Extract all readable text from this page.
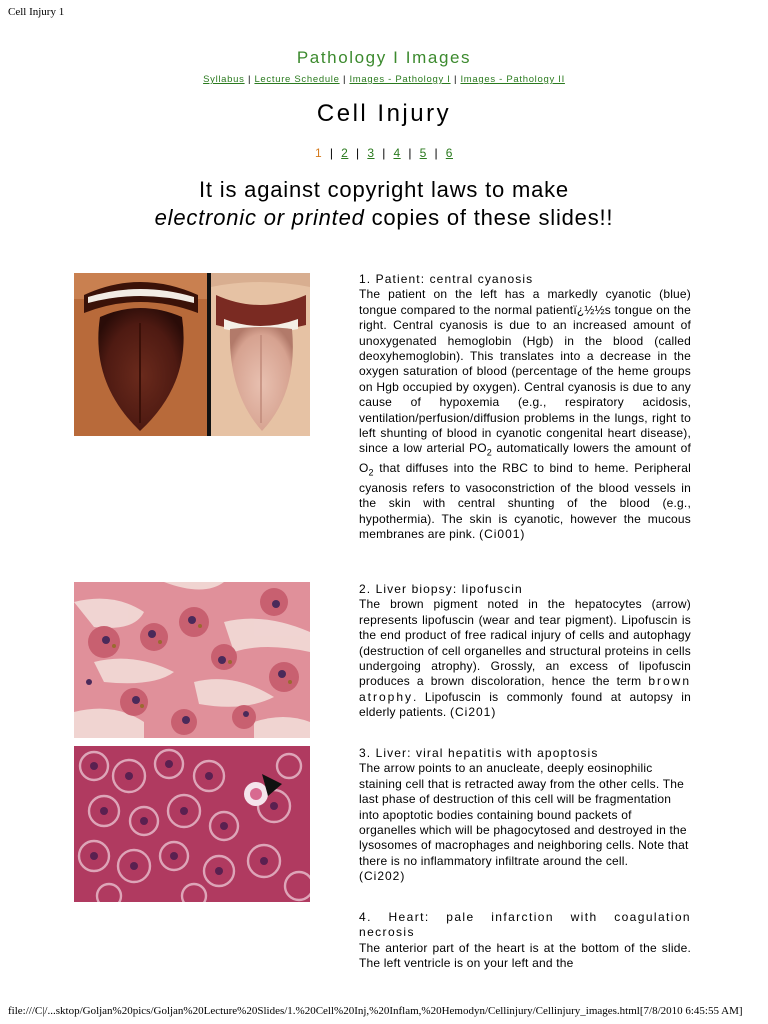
Cell Injury 1
Pathology I Images
Syllabus | Lecture Schedule | Images - Pathology I | Images - Pathology II
Cell Injury
1 | 2 | 3 | 4 | 5 | 6
It is against copyright laws to make
electronic or printed copies of these slides!!
1. Patient: central cyanosis
The patient on the left has a markedly cyanotic (blue) tongue compared to the normal patientï¿½½s tongue on the right. Central cyanosis is due to an increased amount of unoxygenated hemoglobin (Hgb) in the blood (called deoxyhemoglobin). This translates into a decrease in the oxygen saturation of blood (percentage of the heme groups on Hgb occupied by oxygen). Central cyanosis is due to any cause of hypoxemia (e.g., respiratory acidosis, ventilation/perfusion/diffusion problems in the lungs, right to left shunting of blood in cyanotic congenital heart disease), since a low arterial $PO_2$ automatically lowers the amount of $O_2$ that diffuses into the RBC to bind to heme. Peripheral cyanosis refers to vasoconstriction of the blood vessels in the skin with central shunting of the blood (e.g., hypothermia). The skin is cyanotic, however the mucous membranes are pink. (Ci001)
2. Liver biopsy: lipofuscin
The brown pigment noted in the hepatocytes (arrow) represents lipofuscin (wear and tear pigment). Lipofuscin is the end product of free radical injury of cells and autophagy (destruction of cell organelles and structural proteins in cells undergoing atrophy). Grossly, an excess of lipofuscin produces a brown discoloration, hence the term brown atrophy. Lipofuscin is commonly found at autopsy in elderly patients. (Ci201)
3. Liver: viral hepatitis with apoptosis
The arrow points to an anucleate, deeply eosinophilic staining cell that is retracted away from the other cells. The last phase of destruction of this cell will be fragmentation into apoptotic bodies containing bound packets of organelles which will be phagocytosed and destroyed in the lysosomes of macrophages and neighboring cells. Note that there is no inflammatory infiltrate around the cell.
(Ci202)
4. Heart: pale infarction with coagulation necrosis
The anterior part of the heart is at the bottom of the slide. The left ventricle is on your left and the
file:///C|/...sktop/Goljan%20pics/Goljan%20Lecture%20Slides/1.%20Cell%20Inj,%20Inflam,%20Hemodyn/Cellinjury/Cellinjury_images.html[7/8/2010 6:45:55 AM]
